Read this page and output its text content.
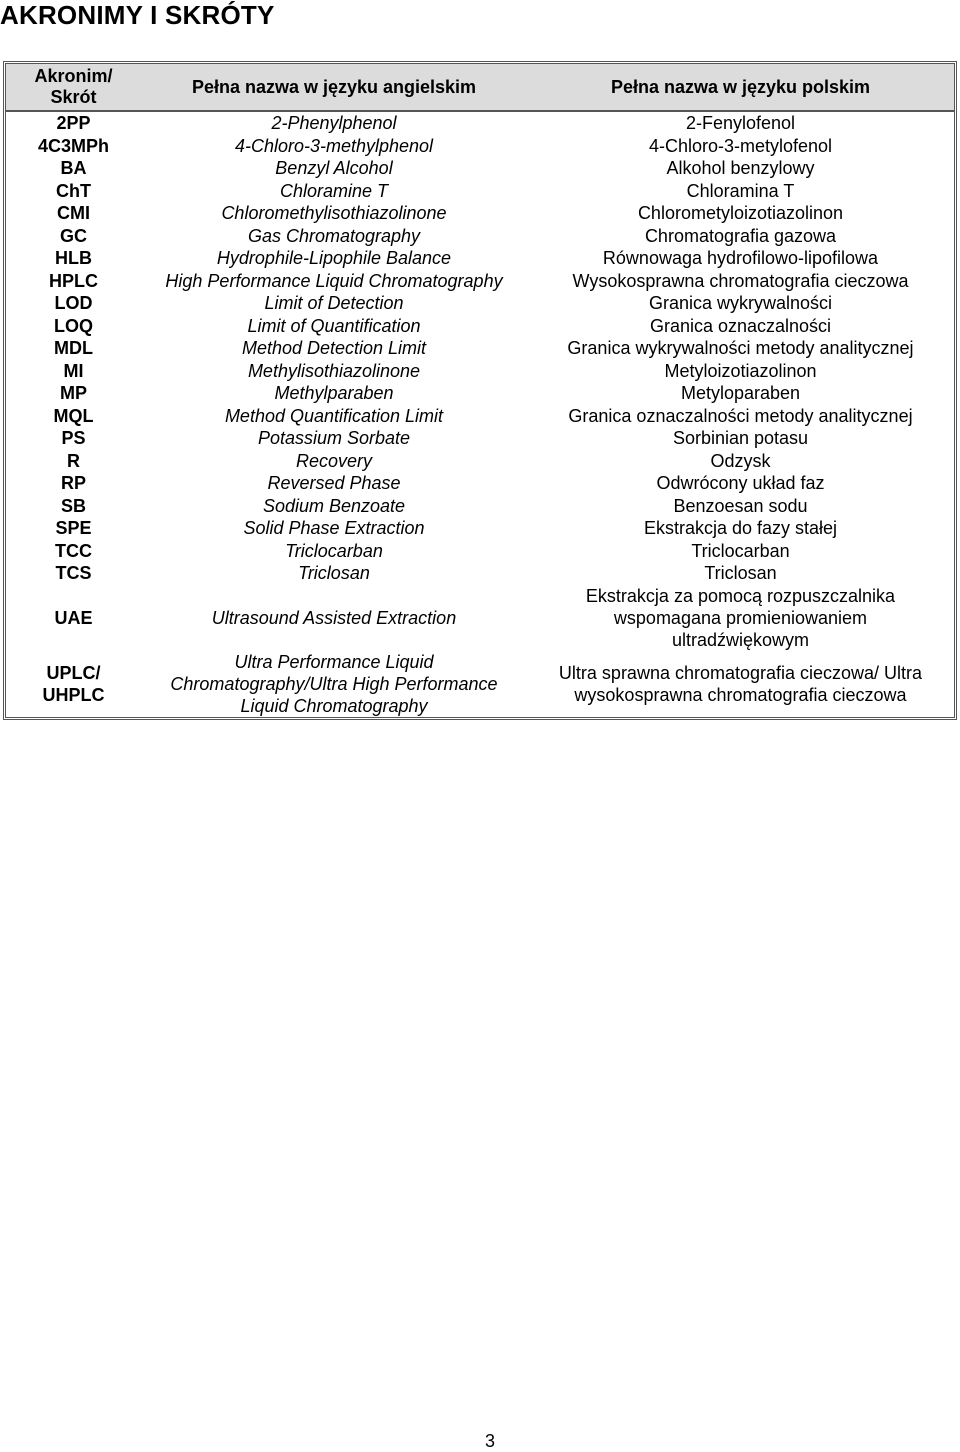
AKRONIMY I SKRÓTY
Akronim/ Skrót	Pełna nazwa w języku angielskim	Pełna nazwa w języku polskim
2PP	2-Phenylphenol	2-Fenylofenol
4C3MPh	4-Chloro-3-methylphenol	4-Chloro-3-metylofenol
BA	Benzyl Alcohol	Alkohol benzylowy
ChT	Chloramine T	Chloramina T
CMI	Chloromethylisothiazolinone	Chlorometyloizotiazolinon
GC	Gas Chromatography	Chromatografia gazowa
HLB	Hydrophile-Lipophile Balance	Równowaga hydrofilowo-lipofilowa
HPLC	High Performance Liquid Chromatography	Wysokosprawna chromatografia cieczowa
LOD	Limit of Detection	Granica wykrywalności
LOQ	Limit of Quantification	Granica oznaczalności
MDL	Method Detection Limit	Granica wykrywalności metody analitycznej
MI	Methylisothiazolinone	Metyloizotiazolinon
MP	Methylparaben	Metyloparaben
MQL	Method Quantification Limit	Granica oznaczalności metody analitycznej
PS	Potassium Sorbate	Sorbinian potasu
R	Recovery	Odzysk
RP	Reversed Phase	Odwrócony układ faz
SB	Sodium Benzoate	Benzoesan sodu
SPE	Solid Phase Extraction	Ekstrakcja do fazy stałej
TCC	Triclocarban	Triclocarban
TCS	Triclosan	Triclosan
UAE	Ultrasound Assisted Extraction	Ekstrakcja za pomocą rozpuszczalnika wspomagana promieniowaniem ultradźwiękowym
UPLC/ UHPLC	Ultra Performance Liquid Chromatography/Ultra High Performance Liquid Chromatography	Ultra sprawna chromatografia cieczowa/ Ultra wysokosprawna chromatografia cieczowa
3
